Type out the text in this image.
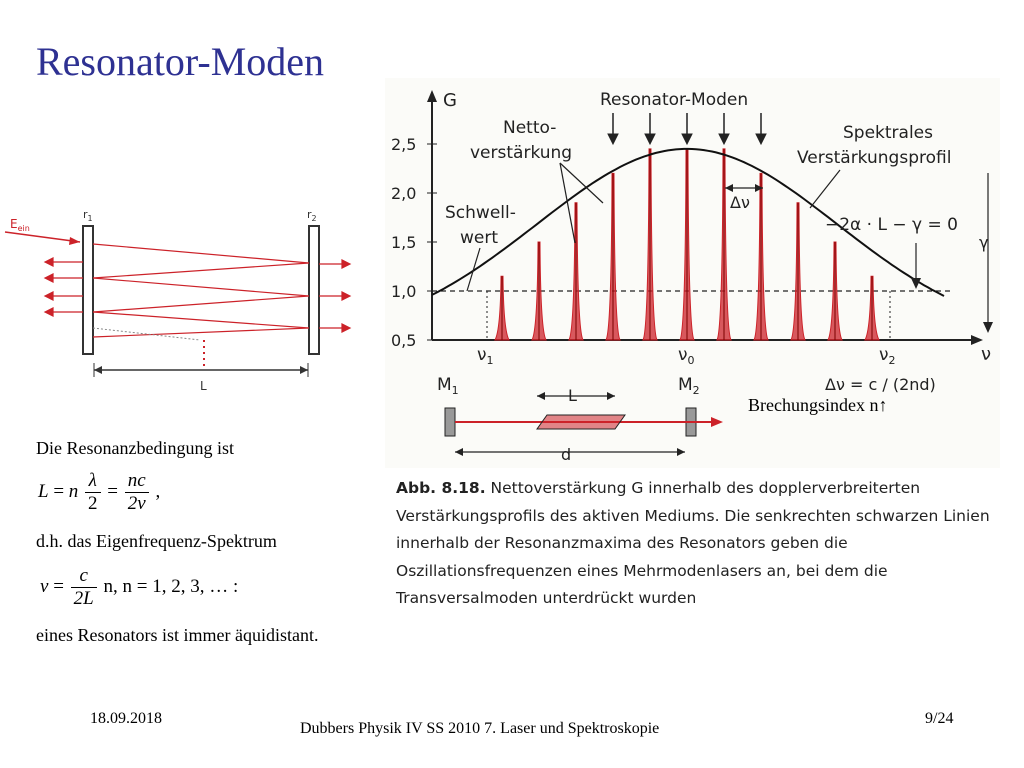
Resonator-Moden
$r_1$	$r_2$
$E_{ein}$
L
G
ν
0,5
1,0
1,5
2,0
2,5
$\nu_1$	$\nu_0$	$\nu_2$
Resonator-Moden
Netto-
verstärkung
Spektrales
Verstärkungsprofil
Schwell-
wert
Δν
−2α · L − γ = 0
γ
Δν = c / (2nd)
$M_1$	$M_2$
L
d
Brechungsindex n↑
Die Resonanzbedingung ist
L = n $\frac{\lambda}{2} = \frac{nc}{2\nu}$ ,
d.h. das Eigenfrequenz-Spektrum
$\nu = \frac{c}{2L} n$, n = 1, 2, 3, … :
eines Resonators ist immer äquidistant.
Abb. 8.18. Nettoverstärkung G innerhalb des dopplerverbreiterten Verstärkungsprofils des aktiven Mediums. Die senkrechten schwarzen Linien innerhalb der Resonanzmaxima des Resonators geben die Oszillationsfrequenzen eines Mehrmodenlasers an, bei dem die Transversalmoden unterdrückt wurden
18.09.2018
Dubbers Physik IV SS 2010 7. Laser und Spektroskopie
9/24
